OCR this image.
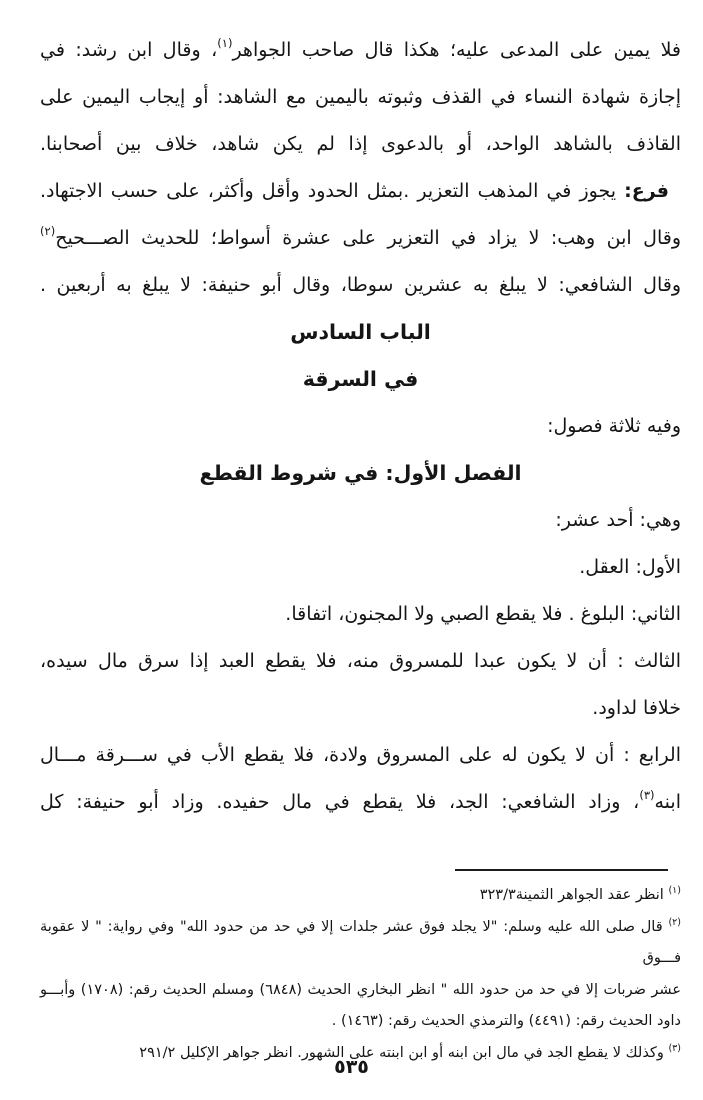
فلا يمين على المدعى عليه؛ هكذا قال صاحب الجواهر$^{(١)}$، وقال ابن رشد: في
إجازة شهادة النساء في القذف وثبوته باليمين مع الشاهد: أو إيجاب اليمين على
القاذف بالشاهد الواحد، أو بالدعوى إذا لم يكن شاهد، خلاف بين أصحابنا.
فرع: يجوز في المذهب التعزير .بمثل الحدود وأقل وأكثر، على حسب الاجتهاد.
وقال ابن وهب: لا يزاد في التعزير على عشرة أسواط؛ للحديث الصـــحيح$^{(٢)}$
وقال الشافعي: لا يبلغ به عشرين سوطا، وقال أبو حنيفة: لا يبلغ به أربعين .
الباب السادس
في السرقة
وفيه ثلاثة فصول:
الفصل الأول: في شروط القطع
وهي: أحد عشر:
الأول: العقل.
الثاني: البلوغ . فلا يقطع الصبي ولا المجنون، اتفاقا.
الثالث : أن لا يكون عبدا للمسروق منه، فلا يقطع العبد إذا سرق مال سيده،
خلافا لداود.
الرابع : أن لا يكون له على المسروق ولادة، فلا يقطع الأب في ســـرقة مـــال
ابنه$^{(٣)}$، وزاد الشافعي: الجد، فلا يقطع في مال حفيده. وزاد أبو حنيفة: كل
$^{(١)}$ انظر عقد الجواهر الثمينة٣٢٣/٣
$^{(٢)}$ قال صلى الله عليه وسلم: "لا يجلد فوق عشر جلدات إلا في حد من حدود الله" وفي رواية: " لا عقوبة فـــوق
عشر ضربات إلا في حد من حدود الله " انظر البخاري الحديث (٦٨٤٨) ومسلم الحديث رقم: (١٧٠٨) وأبـــو
داود الحديث رقم: (٤٤٩١) والترمذي الحديث رقم: (١٤٦٣) .
$^{(٣)}$ وكذلك لا يقطع الجد في مال ابن ابنه أو ابن ابنته على الشهور. انظر جواهر الإكليل ٢٩١/٢
٥٣٥
